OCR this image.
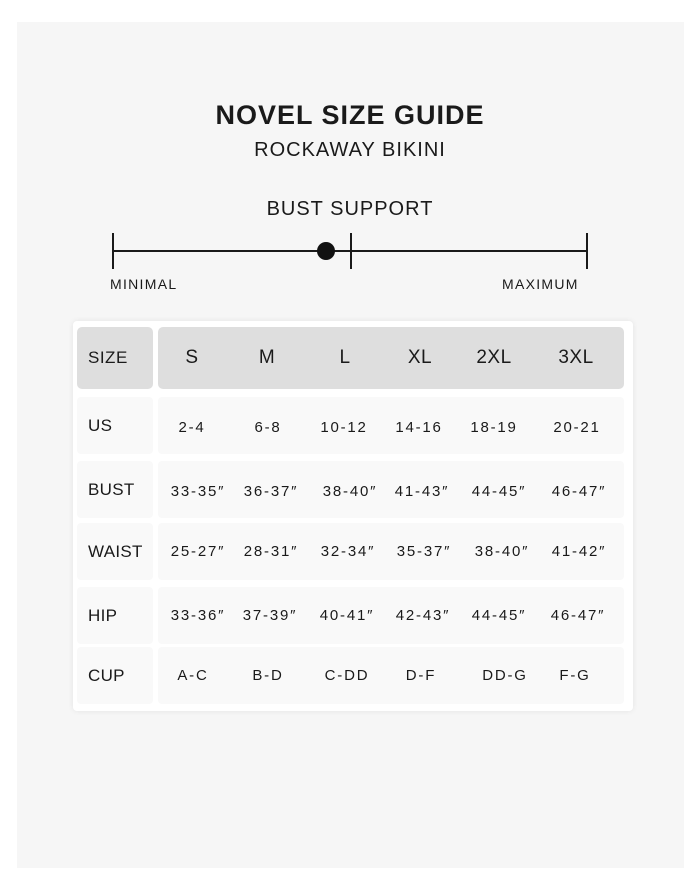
NOVEL SIZE GUIDE
ROCKAWAY BIKINI
BUST SUPPORT
MINIMAL	MAXIMUM
SIZE	S	M	L	XL	2XL	3XL
US	2-4	6-8	10-12	14-16	18-19	20-21
BUST	33-35″	36-37″	38-40″	41-43″	44-45″	46-47″
WAIST	25-27″	28-31″	32-34″	35-37″	38-40″	41-42″
HIP	33-36″	37-39″	40-41″	42-43″	44-45″	46-47″
CUP	A-C	B-D	C-DD	D-F	DD-G	F-G
